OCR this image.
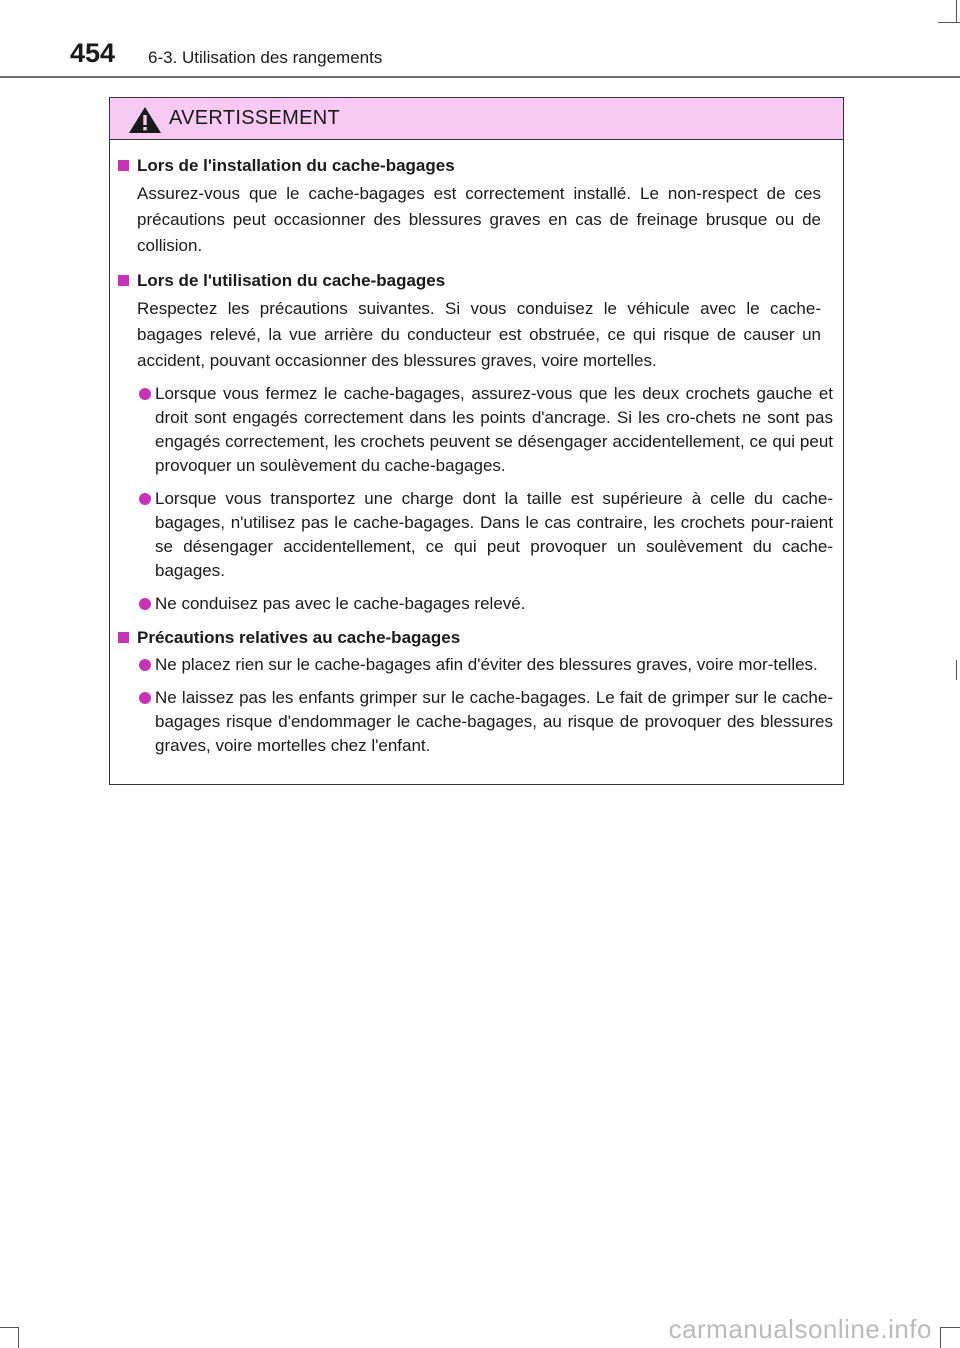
454 6-3. Utilisation des rangements
AVERTISSEMENT
Lors de l'installation du cache-bagages
Assurez-vous que le cache-bagages est correctement installé. Le non-respect de ces précautions peut occasionner des blessures graves en cas de freinage brusque ou de collision.
Lors de l'utilisation du cache-bagages
Respectez les précautions suivantes. Si vous conduisez le véhicule avec le cache-bagages relevé, la vue arrière du conducteur est obstruée, ce qui risque de causer un accident, pouvant occasionner des blessures graves, voire mortelles.
Lorsque vous fermez le cache-bagages, assurez-vous que les deux crochets gauche et droit sont engagés correctement dans les points d'ancrage. Si les cro-chets ne sont pas engagés correctement, les crochets peuvent se désengager accidentellement, ce qui peut provoquer un soulèvement du cache-bagages.
Lorsque vous transportez une charge dont la taille est supérieure à celle du cache-bagages, n'utilisez pas le cache-bagages. Dans le cas contraire, les crochets pour-raient se désengager accidentellement, ce qui peut provoquer un soulèvement du cache-bagages.
Ne conduisez pas avec le cache-bagages relevé.
Précautions relatives au cache-bagages
Ne placez rien sur le cache-bagages afin d'éviter des blessures graves, voire mor-telles.
Ne laissez pas les enfants grimper sur le cache-bagages. Le fait de grimper sur le cache-bagages risque d'endommager le cache-bagages, au risque de provoquer des blessures graves, voire mortelles chez l'enfant.
carmanualsonline.info
